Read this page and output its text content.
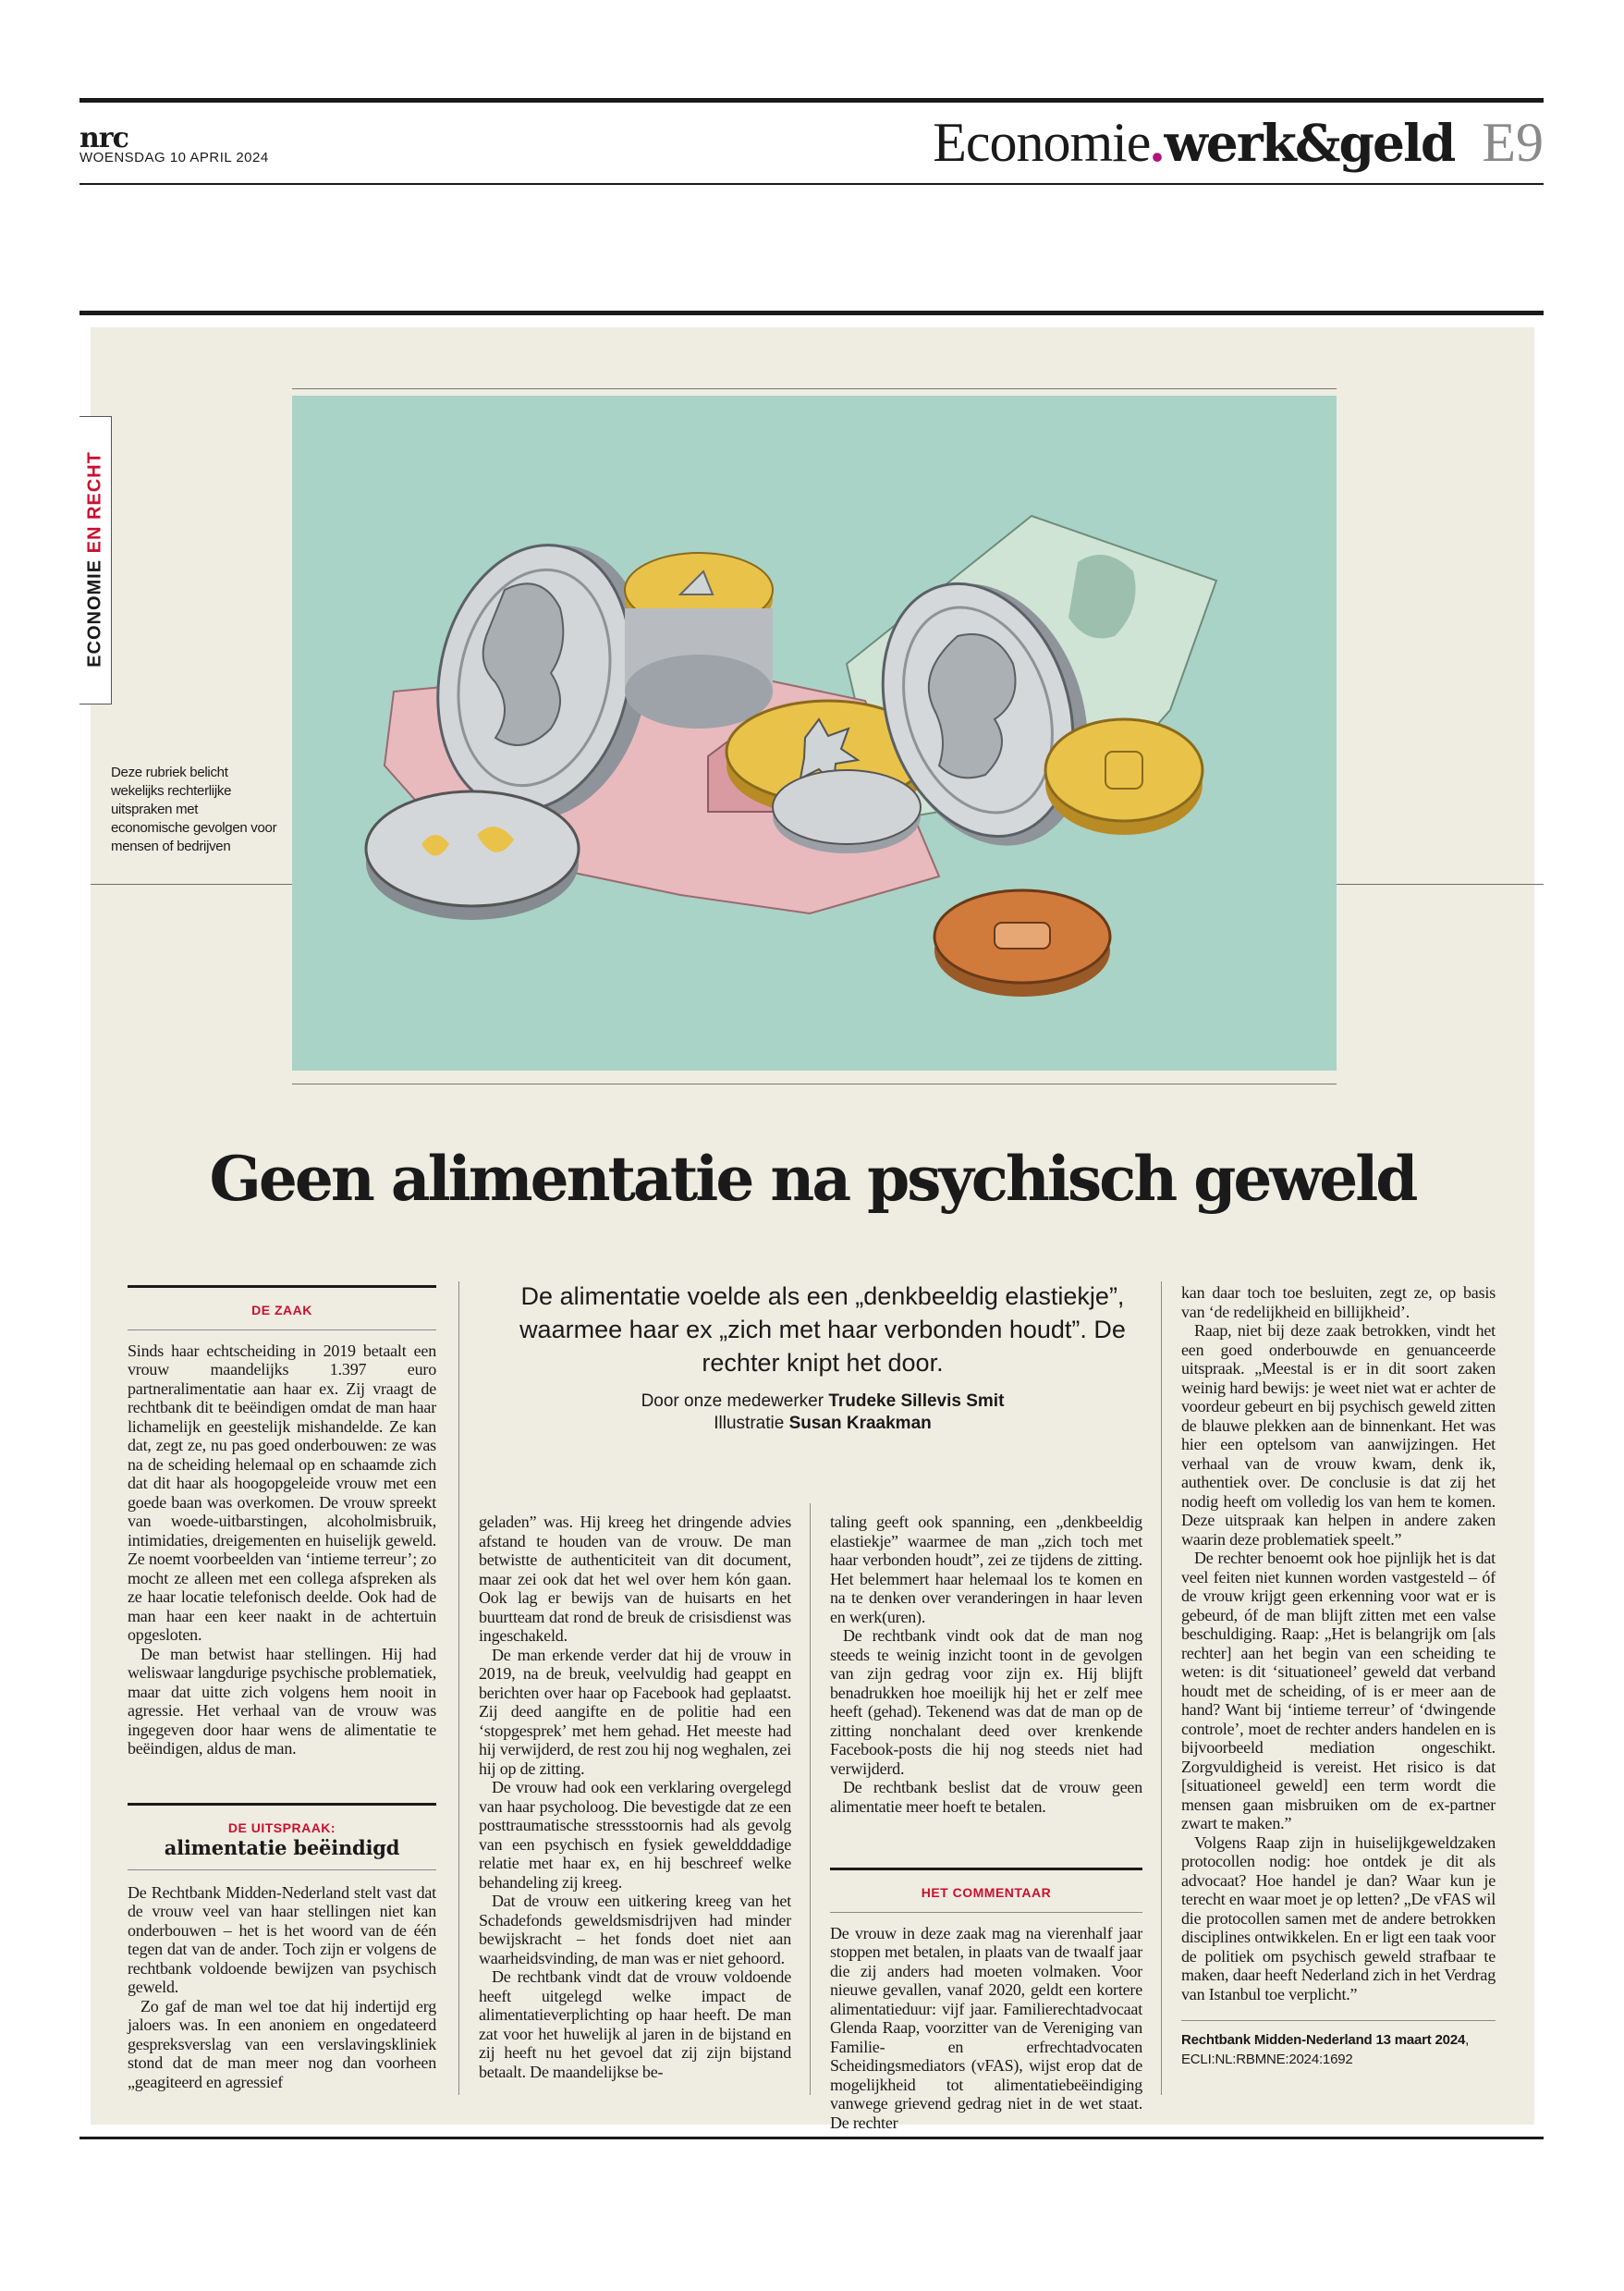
nrc
WOENSDAG 10 APRIL 2024	Economie.werk&geld E9
ECONOMIE EN RECHT
Deze rubriek belicht wekelijks rechterlijke uitspraken met economische gevolgen voor mensen of bedrijven
Geen alimentatie na psychisch geweld
De alimentatie voelde als een „denkbeeldig elastiekje”, waarmee haar ex „zich met haar verbonden houdt”. De rechter knipt het door.
Door onze medewerker Trudeke Sillevis Smit
Illustratie Susan Kraakman
DE ZAAK

Sinds haar echtscheiding in 2019 betaalt een vrouw maandelijks 1.397 euro partneralimentatie aan haar ex. Zij vraagt de rechtbank dit te beëindigen omdat de man haar lichamelijk en geestelijk mishandelde. Ze kan dat, zegt ze, nu pas goed onderbouwen: ze was na de scheiding helemaal op en schaamde zich dat dit haar als hoogopgeleide vrouw met een goede baan was overkomen. De vrouw spreekt van woede-uitbarstingen, alcoholmisbruik, intimidaties, dreigementen en huiselijk geweld. Ze noemt voorbeelden van ‘intieme terreur’; zo mocht ze alleen met een collega afspreken als ze haar locatie telefonisch deelde. Ook had de man haar een keer naakt in de achtertuin opgesloten.

De man betwist haar stellingen. Hij had weliswaar langdurige psychische problematiek, maar dat uitte zich volgens hem nooit in agressie. Het verhaal van de vrouw was ingegeven door haar wens de alimentatie te beëindigen, aldus de man.

DE UITSPRAAK:
alimentatie beëindigd

De Rechtbank Midden-Nederland stelt vast dat de vrouw veel van haar stellingen niet kan onderbouwen – het is het woord van de één tegen dat van de ander. Toch zijn er volgens de rechtbank voldoende bewijzen van psychisch geweld.

Zo gaf de man wel toe dat hij indertijd erg jaloers was. In een anoniem en ongedateerd gespreksverslag van een verslavingskliniek stond dat de man meer nog dan voorheen „geagiteerd en agressief

geladen” was. Hij kreeg het dringende advies afstand te houden van de vrouw. De man betwistte de authenticiteit van dit document, maar zei ook dat het wel over hem kón gaan. Ook lag er bewijs van de huisarts en het buurtteam dat rond de breuk de crisisdienst was ingeschakeld.

De man erkende verder dat hij de vrouw in 2019, na de breuk, veelvuldig had geappt en berichten over haar op Facebook had geplaatst. Zij deed aangifte en de politie had een ‘stopgesprek’ met hem gehad. Het meeste had hij verwijderd, de rest zou hij nog weghalen, zei hij op de zitting.

De vrouw had ook een verklaring overgelegd van haar psycholoog. Die bevestigde dat ze een posttraumatische stressstoornis had als gevolg van een psychisch en fysiek geweldddadige relatie met haar ex, en hij beschreef welke behandeling zij kreeg.

Dat de vrouw een uitkering kreeg van het Schadefonds geweldsmisdrijven had minder bewijskracht – het fonds doet niet aan waarheidsvinding, de man was er niet gehoord.

De rechtbank vindt dat de vrouw voldoende heeft uitgelegd welke impact de alimentatieverplichting op haar heeft. De man zat voor het huwelijk al jaren in de bijstand en zij heeft nu het gevoel dat zij zijn bijstand betaalt. De maandelijkse be-

taling geeft ook spanning, een „denkbeeldig elastiekje” waarmee de man „zich toch met haar verbonden houdt”, zei ze tijdens de zitting. Het belemmert haar helemaal los te komen en na te denken over veranderingen in haar leven en werk(uren).

De rechtbank vindt ook dat de man nog steeds te weinig inzicht toont in de gevolgen van zijn gedrag voor zijn ex. Hij blijft benadrukken hoe moeilijk hij het er zelf mee heeft (gehad). Tekenend was dat de man op de zitting nonchalant deed over krenkende Facebook-posts die hij nog steeds niet had verwijderd.

De rechtbank beslist dat de vrouw geen alimentatie meer hoeft te betalen.

HET COMMENTAAR

De vrouw in deze zaak mag na vierenhalf jaar stoppen met betalen, in plaats van de twaalf jaar die zij anders had moeten volmaken. Voor nieuwe gevallen, vanaf 2020, geldt een kortere alimentatieduur: vijf jaar. Familierechtadvocaat Glenda Raap, voorzitter van de Vereniging van Familie- en erfrechtadvocaten Scheidingsmediators (vFAS), wijst erop dat de mogelijkheid tot alimentatiebeëindiging vanwege grievend gedrag niet in de wet staat. De rechter

kan daar toch toe besluiten, zegt ze, op basis van ‘de redelijkheid en billijkheid’.

Raap, niet bij deze zaak betrokken, vindt het een goed onderbouwde en genuanceerde uitspraak. „Meestal is er in dit soort zaken weinig hard bewijs: je weet niet wat er achter de voordeur gebeurt en bij psychisch geweld zitten de blauwe plekken aan de binnenkant. Het was hier een optelsom van aanwijzingen. Het verhaal van de vrouw kwam, denk ik, authentiek over. De conclusie is dat zij het nodig heeft om volledig los van hem te komen. Deze uitspraak kan helpen in andere zaken waarin deze problematiek speelt.”

De rechter benoemt ook hoe pijnlijk het is dat veel feiten niet kunnen worden vastgesteld – óf de vrouw krijgt geen erkenning voor wat er is gebeurd, óf de man blijft zitten met een valse beschuldiging. Raap: „Het is belangrijk om [als rechter] aan het begin van een scheiding te weten: is dit ‘situationeel’ geweld dat verband houdt met de scheiding, of is er meer aan de hand? Want bij ‘intieme terreur’ of ‘dwingende controle’, moet de rechter anders handelen en is bijvoorbeeld mediation ongeschikt. Zorgvuldigheid is vereist. Het risico is dat [situationeel geweld] een term wordt die mensen gaan misbruiken om de ex-partner zwart te maken.”

Volgens Raap zijn in huiselijkgeweldzaken protocollen nodig: hoe ontdek je dit als advocaat? Hoe handel je dan? Waar kun je terecht en waar moet je op letten? „De vFAS wil die protocollen samen met de andere betrokken disciplines ontwikkelen. En er ligt een taak voor de politiek om psychisch geweld strafbaar te maken, daar heeft Nederland zich in het Verdrag van Istanbul toe verplicht.”

Rechtbank Midden-Nederland 13 maart 2024, ECLI:NL:RBMNE:2024:1692
